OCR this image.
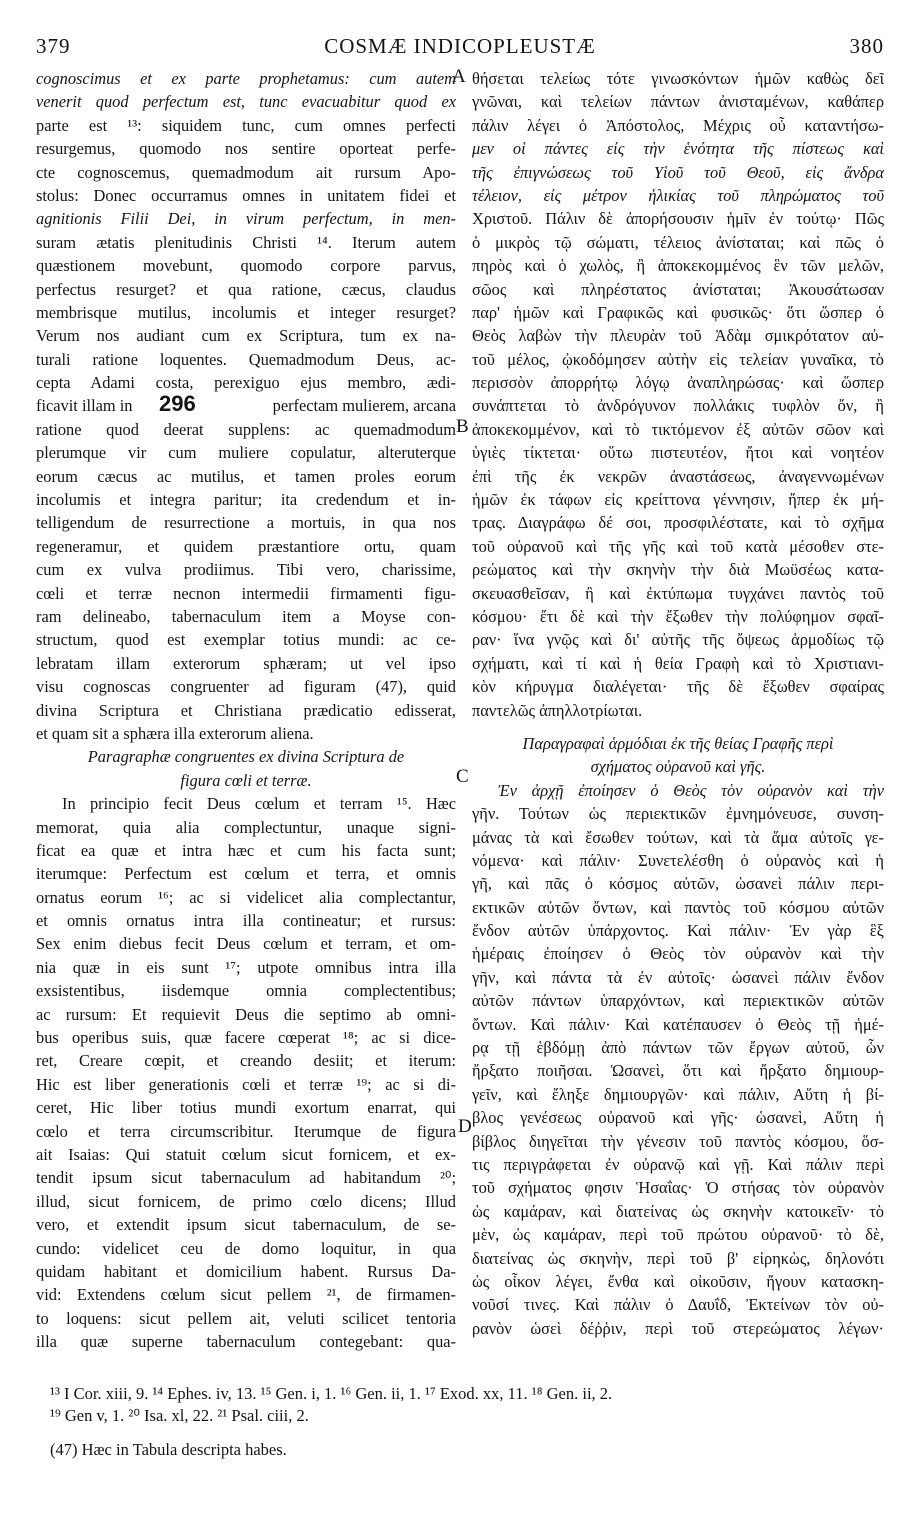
379	COSMÆ INDICOPLEUSTÆ	380
cognoscimus et ex parte prophetamus: cum autem
venerit quod perfectum est, tunc evacuabitur quod ex
parte est ¹³: siquidem tunc, cum omnes perfecti
resurgemus, quomodo nos sentire oporteat perfe-
cte cognoscemus, quemadmodum ait rursum Apo-
stolus: Donec occurramus omnes in unitatem fidei et
agnitionis Filii Dei, in virum perfectum, in men-
suram ætatis plenitudinis Christi ¹⁴. Iterum autem
quæstionem movebunt, quomodo corpore parvus,
perfectus resurget? et qua ratione, cæcus, claudus
membrisque mutilus, incolumis et integer resurget?
Verum nos audiant cum ex Scriptura, tum ex na-
turali ratione loquentes. Quemadmodum Deus, ac-
cepta Adami costa, perexiguo ejus membro, ædi-
ficavit illam in 296	perfectam mulierem, arcana
ratione quod deerat supplens: ac quemadmodum
plerumque vir cum muliere copulatur, alteruterque
eorum cæcus ac mutilus, et tamen proles eorum
incolumis et integra paritur; ita credendum et in-
telligendum de resurrectione a mortuis, in qua nos
regeneramur, et quidem præstantiore ortu, quam
cum ex vulva prodiimus. Tibi vero, charissime,
cœli et terræ necnon intermedii firmamenti figu-
ram delineabo, tabernaculum item a Moyse con-
structum, quod est exemplar totius mundi: ac ce-
lebratam illam exterorum sphæram; ut vel ipso
visu cognoscas congruenter ad figuram (47), quid
divina Scriptura et Christiana prædicatio edisserat,
et quam sit a sphæra illa exterorum aliena.
Paragraphæ congruentes ex divina Scriptura de
figura cœli et terræ.
In principio fecit Deus cœlum et terram ¹⁵. Hæc
memorat, quia alia complectuntur, unaque signi-
ficat ea quæ et intra hæc et cum his facta sunt;
iterumque: Perfectum est cœlum et terra, et omnis
ornatus eorum ¹⁶; ac si videlicet alia complectantur,
et omnis ornatus intra illa contineatur; et rursus:
Sex enim diebus fecit Deus cœlum et terram, et om-
nia quæ in eis sunt ¹⁷; utpote omnibus intra illa
exsistentibus, iisdemque omnia complectentibus;
ac rursum: Et requievit Deus die septimo ab omni-
bus operibus suis, quæ facere cœperat ¹⁸; ac si dice-
ret, Creare cœpit, et creando desiit; et iterum:
Hic est liber generationis cœli et terræ ¹⁹; ac si di-
ceret, Hic liber totius mundi exortum enarrat, qui
cœlo et terra circumscribitur. Iterumque de figura
ait Isaias: Qui statuit cœlum sicut fornicem, et ex-
tendit ipsum sicut tabernaculum ad habitandum ²⁰;
illud, sicut fornicem, de primo cœlo dicens; Illud
vero, et extendit ipsum sicut tabernaculum, de se-
cundo: videlicet ceu de domo loquitur, in qua
quidam habitant et domicilium habent. Rursus Da-
vid: Extendens cœlum sicut pellem ²¹, de firmamen-
to loquens: sicut pellem ait, veluti scilicet tentoria
illa quæ superne tabernaculum contegebant: qua-
A
B
C
D
θήσεται τελείως τότε γινωσκόντων ἡμῶν καθὼς δεῖ
γνῶναι, καὶ τελείων πάντων ἀνισταμένων, καθάπερ
πάλιν λέγει ὁ Ἀπόστολος, Μέχρις οὗ καταντήσω-
μεν οἱ πάντες εἰς τὴν ἑνότητα τῆς πίστεως καὶ
τῆς ἐπιγνώσεως τοῦ Υἱοῦ τοῦ Θεοῦ, εἰς ἄνδρα
τέλειον, εἰς μέτρον ἡλικίας τοῦ πληρώματος τοῦ
Χριστοῦ. Πάλιν δὲ ἀπορήσουσιν ἡμῖν ἐν τούτῳ· Πῶς
ὁ μικρὸς τῷ σώματι, τέλειος ἀνίσταται; καὶ πῶς ὁ
πηρὸς καὶ ὁ χωλὸς, ἢ ἀποκεκομμένος ἓν τῶν μελῶν,
σῶος καὶ πληρέστατος ἀνίσταται; Ἀκουσάτωσαν
παρ' ἡμῶν καὶ Γραφικῶς καὶ φυσικῶς· ὅτι ὥσπερ ὁ
Θεὸς λαβὼν τὴν πλευρὰν τοῦ Ἀδὰμ σμικρότατον αὐ-
τοῦ μέλος, ᾠκοδόμησεν αὐτὴν εἰς τελείαν γυναῖκα, τὸ
περισσὸν ἀπορρήτῳ λόγῳ ἀναπληρώσας· καὶ ὥσπερ
συνάπτεται τὸ ἀνδρόγυνον πολλάκις τυφλὸν ὄν, ἢ
ἀποκεκομμένον, καὶ τὸ τικτόμενον ἐξ αὐτῶν σῶον καὶ
ὑγιὲς τίκτεται· οὕτω πιστευτέον, ἤτοι καὶ νοητέον
ἐπὶ τῆς ἐκ νεκρῶν ἀναστάσεως, ἀναγεννωμένων
ἡμῶν ἐκ τάφων εἰς κρείττονα γέννησιν, ἤπερ ἐκ μή-
τρας. Διαγράφω δέ σοι, προσφιλέστατε, καὶ τὸ σχῆμα
τοῦ οὐρανοῦ καὶ τῆς γῆς καὶ τοῦ κατὰ μέσοθεν στε-
ρεώματος καὶ τὴν σκηνὴν τὴν διὰ Μωϋσέως κατα-
σκευασθεῖσαν, ἢ καὶ ἐκτύπωμα τυγχάνει παντὸς τοῦ
κόσμου· ἔτι δὲ καὶ τὴν ἔξωθεν τὴν πολύφημον σφαῖ-
ραν· ἵνα γνῷς καὶ δι' αὐτῆς τῆς ὄψεως ἁρμοδίως τῷ
σχήματι, καὶ τί καὶ ἡ θεία Γραφὴ καὶ τὸ Χριστιανι-
κὸν κήρυγμα διαλέγεται· τῆς δὲ ἔξωθεν σφαίρας
παντελῶς ἀπηλλοτρίωται.
Παραγραφαὶ ἁρμόδιαι ἐκ τῆς θείας Γραφῆς περὶ
σχήματος οὐρανοῦ καὶ γῆς.
Ἐν ἀρχῇ ἐποίησεν ὁ Θεὸς τὸν οὐρανὸν καὶ τὴν
γῆν. Τούτων ὡς περιεκτικῶν ἐμνημόνευσε, συνση-
μάνας τὰ καὶ ἔσωθεν τούτων, καὶ τὰ ἅμα αὐτοῖς γε-
νόμενα· καὶ πάλιν· Συνετελέσθη ὁ οὐρανὸς καὶ ἡ
γῆ, καὶ πᾶς ὁ κόσμος αὐτῶν, ὡσανεὶ πάλιν περι-
εκτικῶν αὐτῶν ὄντων, καὶ παντὸς τοῦ κόσμου αὐτῶν
ἔνδον αὐτῶν ὑπάρχοντος. Καὶ πάλιν· Ἐν γὰρ ἓξ
ἡμέραις ἐποίησεν ὁ Θεὸς τὸν οὐρανὸν καὶ τὴν
γῆν, καὶ πάντα τὰ ἐν αὐτοῖς· ὡσανεὶ πάλιν ἔνδον
αὐτῶν πάντων ὑπαρχόντων, καὶ περιεκτικῶν αὐτῶν
ὄντων. Καὶ πάλιν· Καὶ κατέπαυσεν ὁ Θεὸς τῇ ἡμέ-
ρᾳ τῇ ἑβδόμῃ ἀπὸ πάντων τῶν ἔργων αὐτοῦ, ὧν
ἤρξατο ποιῆσαι. Ὡσανεὶ, ὅτι καὶ ἤρξατο δημιουρ-
γεῖν, καὶ ἔληξε δημιουργῶν· καὶ πάλιν, Αὕτη ἡ βί-
βλος γενέσεως οὐρανοῦ καὶ γῆς· ὡσανεὶ, Αὕτη ἡ
βίβλος διηγεῖται τὴν γένεσιν τοῦ παντὸς κόσμου, ὅσ-
τις περιγράφεται ἐν οὐρανῷ καὶ γῇ. Καὶ πάλιν περὶ
τοῦ σχήματος φησιν Ἡσαΐας· Ὁ στήσας τὸν οὐρανὸν
ὡς καμάραν, καὶ διατείνας ὡς σκηνὴν κατοικεῖν· τὸ
μὲν, ὡς καμάραν, περὶ τοῦ πρώτου οὐρανοῦ· τὸ δὲ,
διατείνας ὡς σκηνὴν, περὶ τοῦ β' εἰρηκὼς, δηλονότι
ὡς οἶκον λέγει, ἔνθα καὶ οἰκοῦσιν, ἤγουν κατασκη-
νοῦσί τινες. Καὶ πάλιν ὁ Δαυΐδ, Ἐκτείνων τὸν οὐ-
ρανὸν ὡσεὶ δέῤῥιν, περὶ τοῦ στερεώματος λέγων·
¹³ I Cor. xiii, 9. ¹⁴ Ephes. iv, 13. ¹⁵ Gen. i, 1. ¹⁶ Gen. ii, 1. ¹⁷ Exod. xx, 11. ¹⁸ Gen. ii, 2.
¹⁹ Gen v, 1. ²⁰ Isa. xl, 22. ²¹ Psal. ciii, 2.
(47) Hæc in Tabula descripta habes.
